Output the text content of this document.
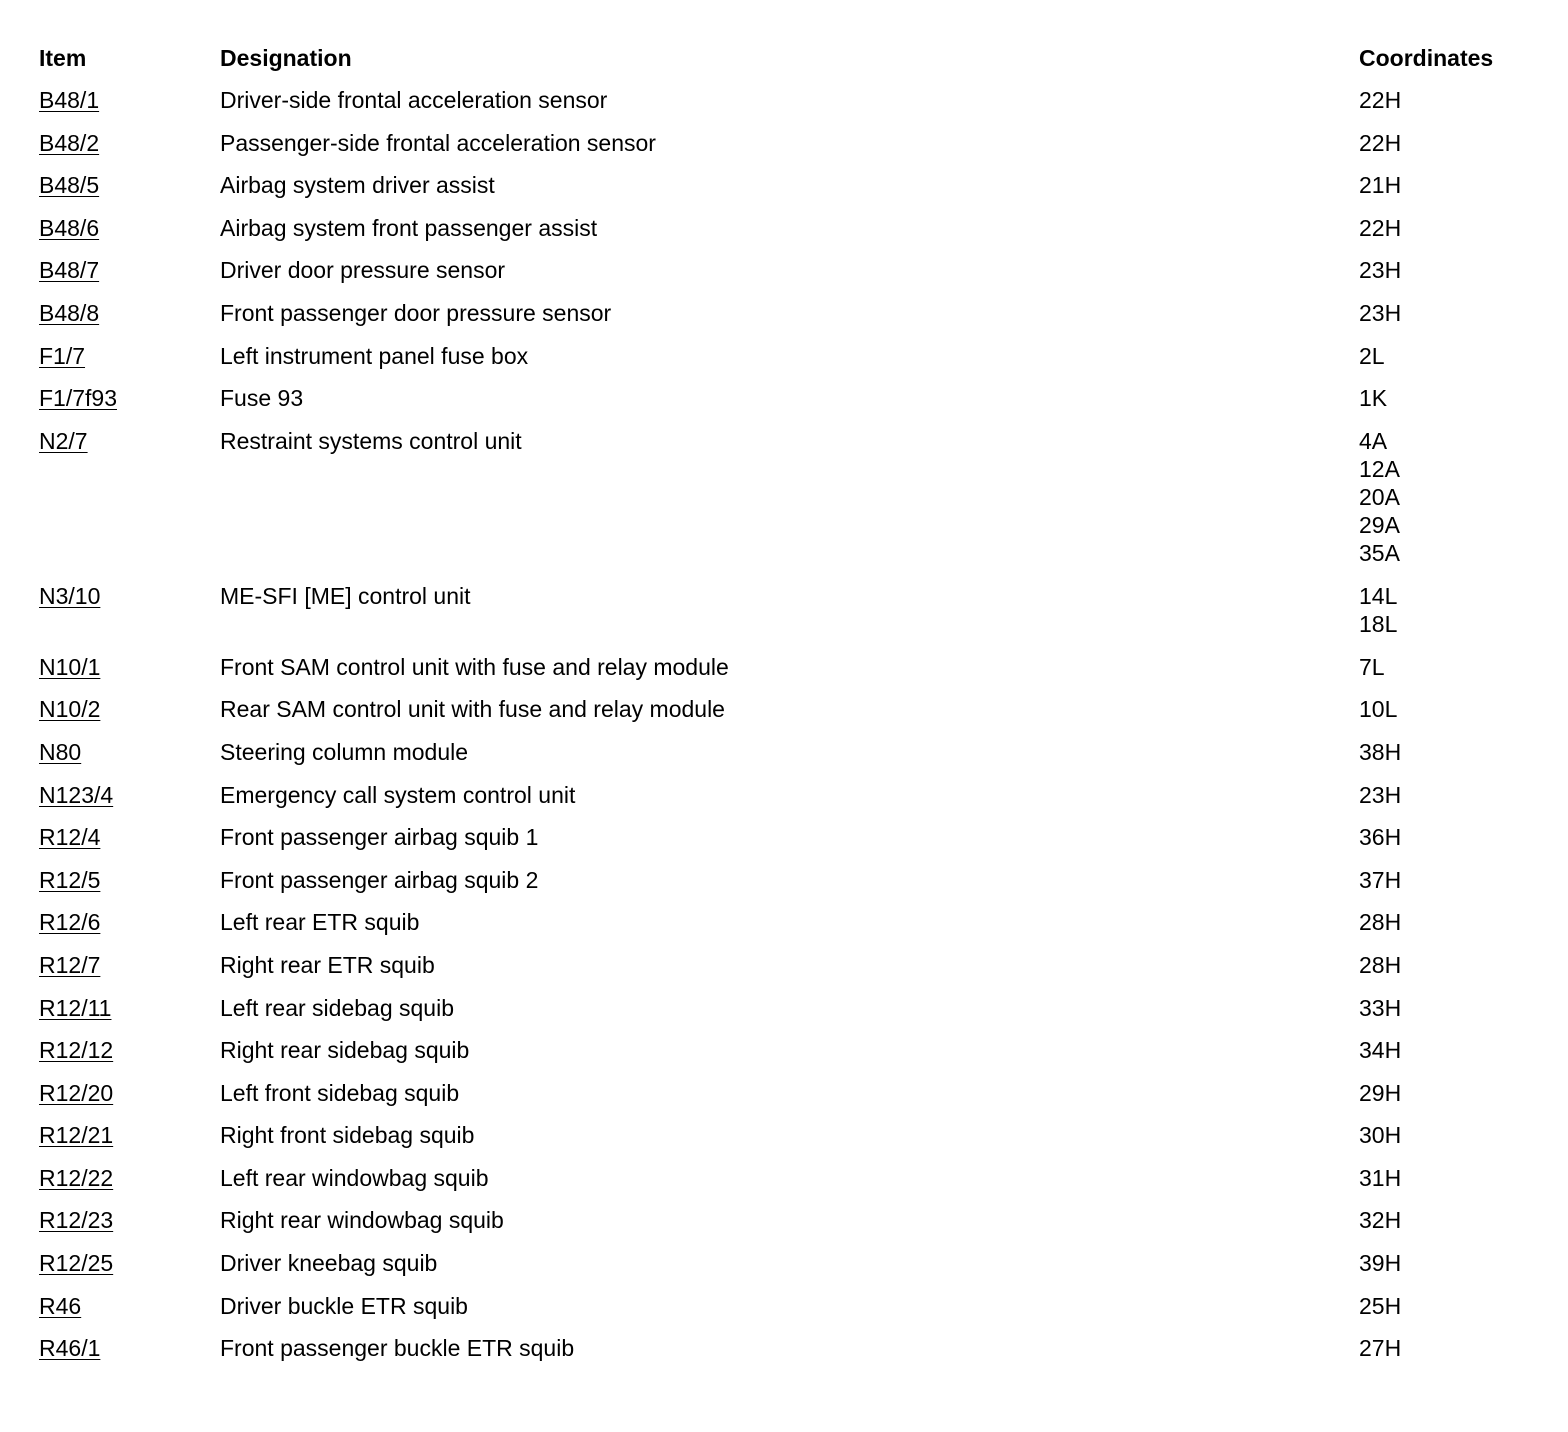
Item	Designation	Coordinates
B48/1	Driver-side frontal acceleration sensor	22H
B48/2	Passenger-side frontal acceleration sensor	22H
B48/5	Airbag system driver assist	21H
B48/6	Airbag system front passenger assist	22H
B48/7	Driver door pressure sensor	23H
B48/8	Front passenger door pressure sensor	23H
F1/7	Left instrument panel fuse box	2L
F1/7f93	Fuse 93	1K
N2/7	Restraint systems control unit	4A
12A
20A
29A
35A
N3/10	ME-SFI [ME] control unit	14L
18L
N10/1	Front SAM control unit with fuse and relay module	7L
N10/2	Rear SAM control unit with fuse and relay module	10L
N80	Steering column module	38H
N123/4	Emergency call system control unit	23H
R12/4	Front passenger airbag squib 1	36H
R12/5	Front passenger airbag squib 2	37H
R12/6	Left rear ETR squib	28H
R12/7	Right rear ETR squib	28H
R12/11	Left rear sidebag squib	33H
R12/12	Right rear sidebag squib	34H
R12/20	Left front sidebag squib	29H
R12/21	Right front sidebag squib	30H
R12/22	Left rear windowbag squib	31H
R12/23	Right rear windowbag squib	32H
R12/25	Driver kneebag squib	39H
R46	Driver buckle ETR squib	25H
R46/1	Front passenger buckle ETR squib	27H
